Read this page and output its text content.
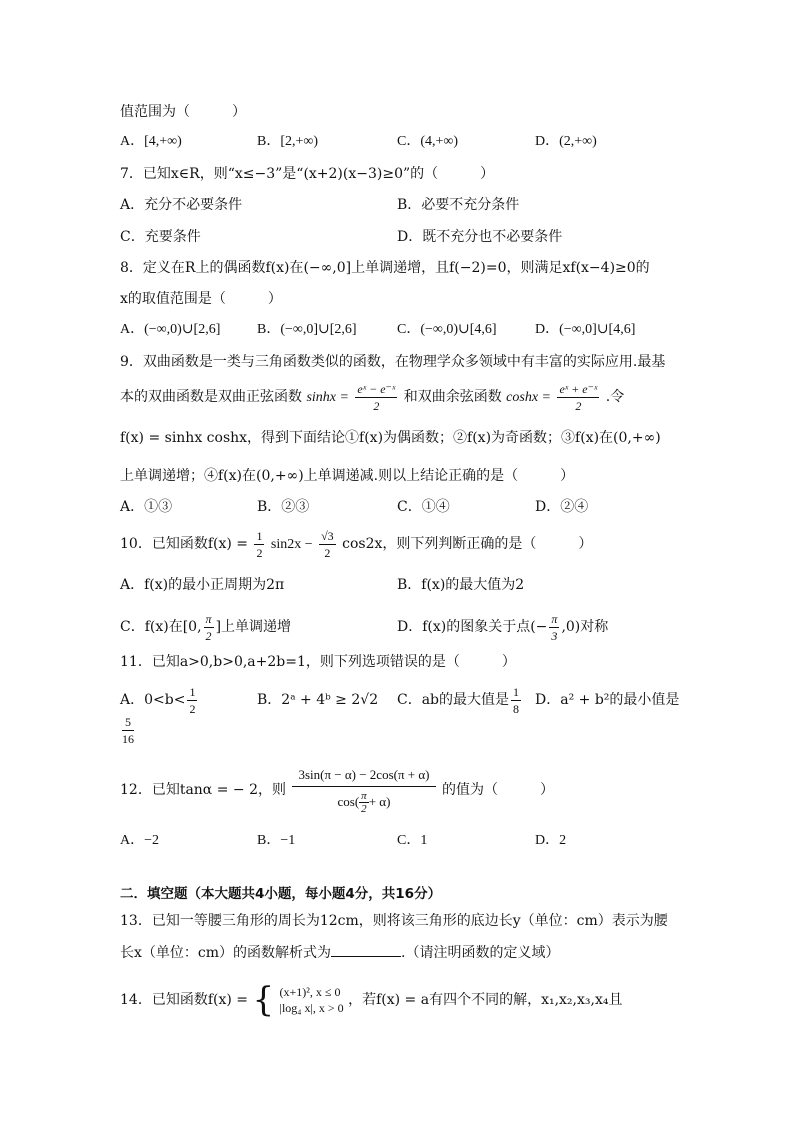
值范围为（　　　）
A．[4,+∞)	B．[2,+∞)	C．(4,+∞)	D．(2,+∞)
7．已知x∈R，则“x≤−3”是“(x+2)(x−3)≥0”的（　　　）
A．充分不必要条件	B．必要不充分条件
C．充要条件	D．既不充分也不必要条件
8．定义在R上的偶函数f(x)在(−∞,0]上单调递增，且f(−2)=0，则满足xf(x−4)≥0的
x的取值范围是（　　　）
A．(−∞,0)∪[2,6]	B．(−∞,0]∪[2,6]	C．(−∞,0)∪[4,6]	D．(−∞,0]∪[4,6]
9．双曲函数是一类与三角函数类似的函数，在物理学众多领域中有丰富的实际应用.最基
本的双曲函数是双曲正弦函数 $\sinh x = \frac{\text{eˣ − e⁻ˣ}}{2}$ 和双曲余弦函数 $\cosh x = \frac{\text{eˣ + e⁻ˣ}}{2}$ .令
f(x) = sinhx coshx，得到下面结论①f(x)为偶函数；②f(x)为奇函数；③f(x)在(0,+∞)
上单调递增；④f(x)在(0,+∞)上单调递减.则以上结论正确的是（　　　）
A．①③	B．②③	C．①④	D．②④
10．已知函数$f(x) = \frac{1}{2} \sin 2x - \frac{√3}{2} \cos 2x$，则下列判断正确的是（　　　）
A．f(x)的最小正周期为2π	B．f(x)的最大值为2
C．f(x)在[0, $\frac{\pi}{2}$ ]上单调递增	D．f(x)的图象关于点(− $\frac{\pi}{3} ,0$)对称
11．已知a>0,b>0,a+2b=1，则下列选项错误的是（　　　）
A．$0<b< \frac{1}{2}$	B．2ᵃ + 4ᵇ ≥ 2√2 C．ab的最大值是 $\frac{1}{8}$ D．a² + b²的最小值是
$\frac{5}{16}$
12．已知tanα = − 2，则 $\frac{3\sin(\pi - \alpha) - 2\cos(\pi + \alpha)}{\cos( \frac{\pi}{2} + \alpha)}$ 的值为（　　　）
A．−2	B．−1	C．1	D．2
二．填空题（本大题共4小题，每小题4分，共16分）
13．已知一等腰三角形的周长为12cm，则将该三角形的底边长y（单位：cm）表示为腰
长x（单位：cm）的函数解析式为	.（请注明函数的定义域）
14．已知函数f(x) = { (x+1)², x ≤ 0
|log₄ x|, x > 0 ，若f(x) = a有四个不同的解，x₁,x₂,x₃,x₄且
